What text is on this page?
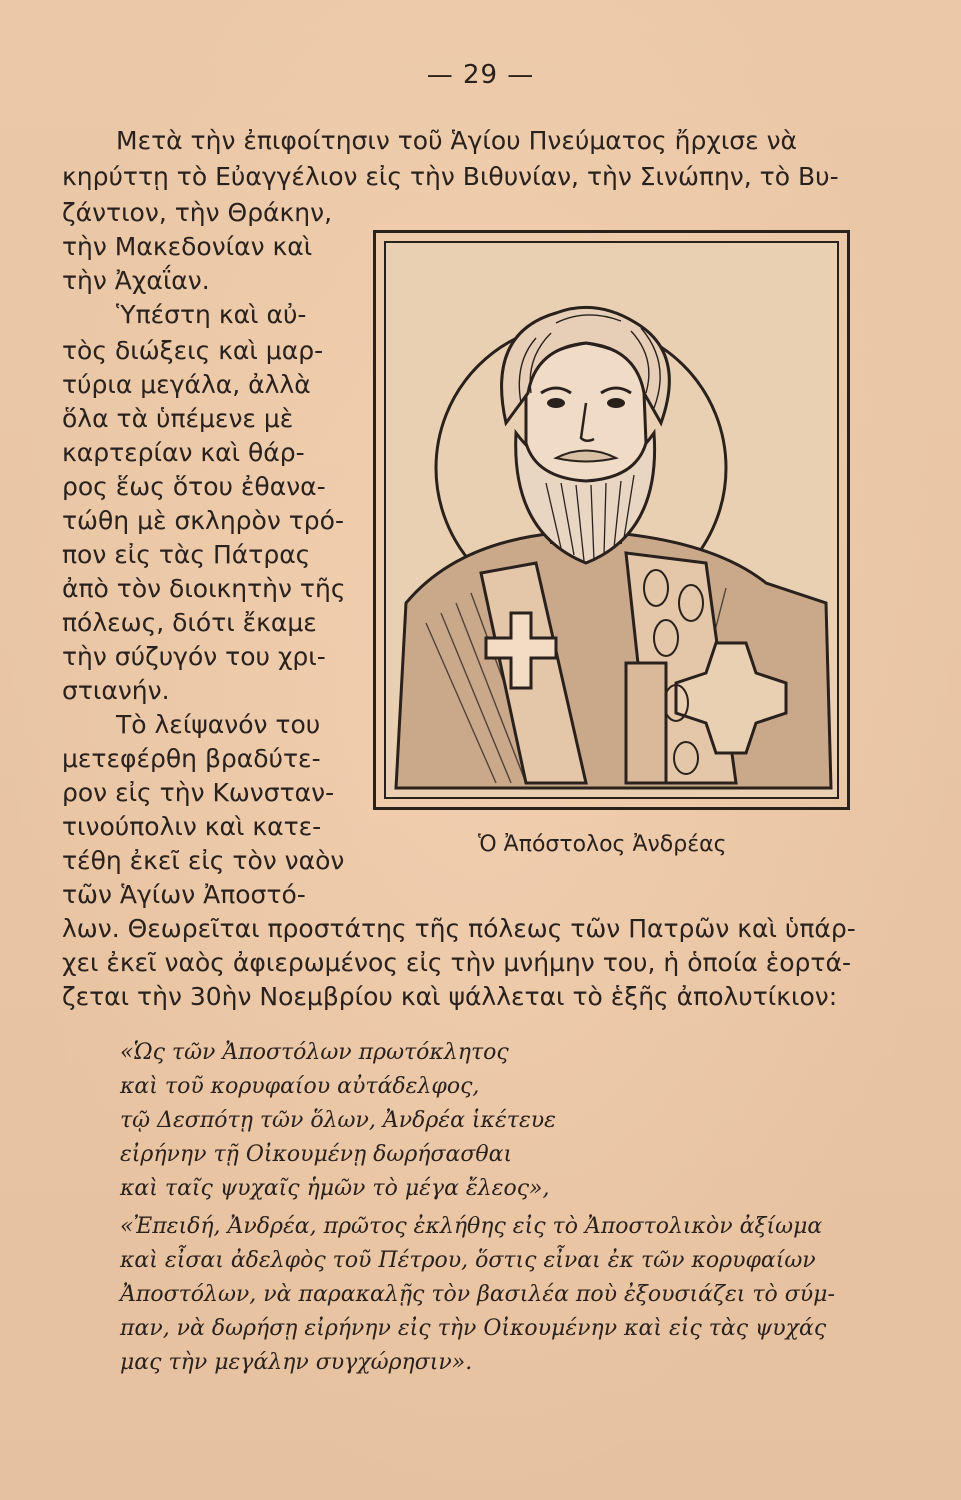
— 29 —
Μετὰ τὴν ἐπιφοίτησιν τοῦ Ἁγίου Πνεύματος ἤρχισε νὰ
κηρύττῃ τὸ Εὐαγγέλιον εἰς τὴν Βιθυνίαν, τὴν Σινώπην, τὸ Βυ-
ζάντιον, τὴν Θράκην,
τὴν Μακεδονίαν καὶ
τὴν Ἀχαΐαν.
Ὑπέστη καὶ αὐ-
τὸς διώξεις καὶ μαρ-
τύρια μεγάλα, ἀλλὰ
ὅλα τὰ ὑπέμενε μὲ
καρτερίαν καὶ θάρ-
ρος ἕως ὅτου ἐθανα-
τώθη μὲ σκληρὸν τρό-
πον εἰς τὰς Πάτρας
ἀπὸ τὸν διοικητὴν τῆς
πόλεως, διότι ἔκαμε
τὴν σύζυγόν του χρι-
στιανήν.
Τὸ λείψανόν του
μετεφέρθη βραδύτε-
ρον εἰς τὴν Κωνσταν-
τινούπολιν καὶ κατε-
τέθη ἐκεῖ εἰς τὸν ναὸν
τῶν Ἁγίων Ἀποστό-
λων. Θεωρεῖται προστάτης τῆς πόλεως τῶν Πατρῶν καὶ ὑπάρ-
χει ἐκεῖ ναὸς ἀφιερωμένος εἰς τὴν μνήμην του, ἡ ὁποία ἑορτά-
ζεται τὴν 30ὴν Νοεμβρίου καὶ ψάλλεται τὸ ἑξῆς ἀπολυτίκιον:
Ὁ Ἀπόστολος Ἀνδρέας
«Ὡς τῶν Ἀποστόλων πρωτόκλητος
καὶ τοῦ κορυφαίου αὐτάδελφος,
τῷ Δεσπότῃ τῶν ὅλων, Ἀνδρέα ἱκέτευε
εἰρήνην τῇ Οἰκουμένῃ δωρήσασθαι
καὶ ταῖς ψυχαῖς ἡμῶν τὸ μέγα ἔλεος»,
«Ἐπειδή, Ἀνδρέα, πρῶτος ἐκλήθης εἰς τὸ Ἀποστολικὸν ἀξίωμα
καὶ εἶσαι ἀδελφὸς τοῦ Πέτρου, ὅστις εἶναι ἐκ τῶν κορυφαίων
Ἀποστόλων, νὰ παρακαλῇς τὸν βασιλέα ποὺ ἐξουσιάζει τὸ σύμ-
παν, νὰ δωρήσῃ εἰρήνην εἰς τὴν Οἰκουμένην καὶ εἰς τὰς ψυχάς
μας τὴν μεγάλην συγχώρησιν».
